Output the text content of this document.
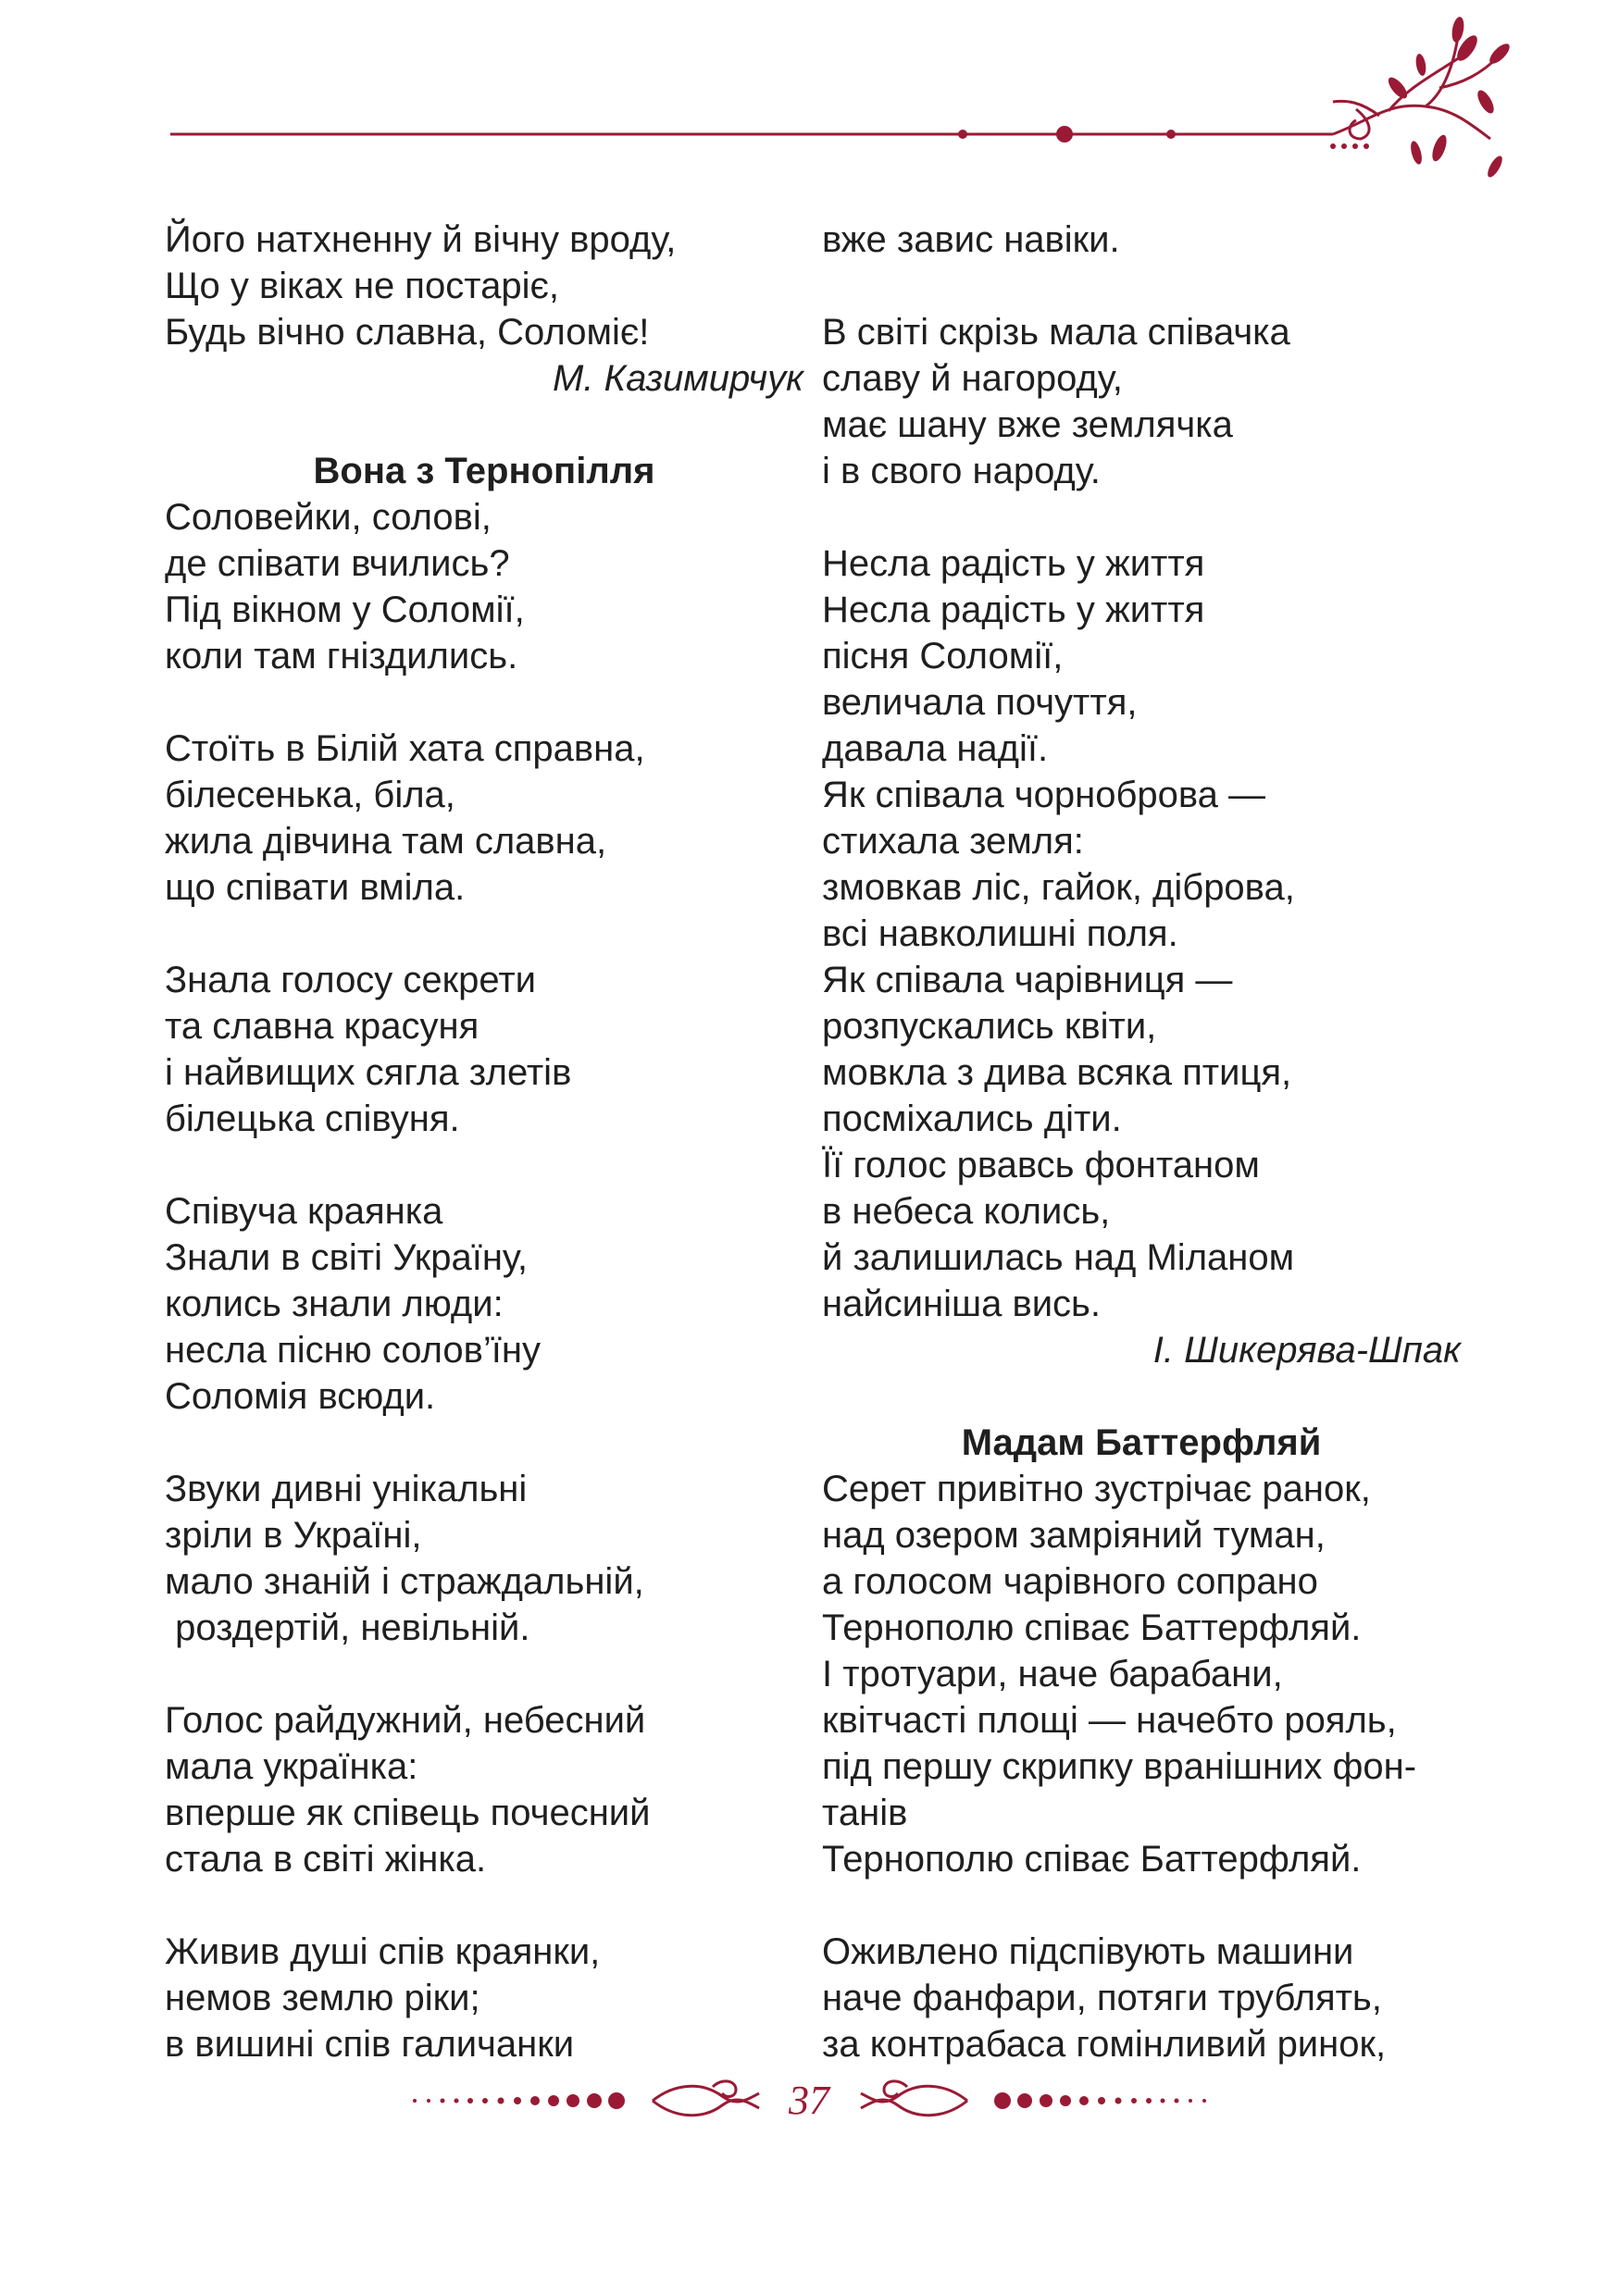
Його натхненну й вічну вроду,
Що у віках не постаріє,
Будь вічно славна, Соломіє!
М. Казимирчук
Вона з Тернопілля
Соловейки, солові,
де співати вчились?
Під вікном у Соломії,
коли там гніздились.
Стоїть в Білій хата справна,
білесенька, біла,
жила дівчина там славна,
що співати вміла.
Знала голосу секрети
та славна красуня
і найвищих сягла злетів
білецька співуня.
Співуча краянка
Знали в світі Україну,
колись знали люди:
несла пісню солов’їну
Соломія всюди.
Звуки дивні унікальні
зріли в Україні,
мало знаній і страждальній,
роздертій, невільній.
Голос райдужний, небесний
мала українка:
вперше як співець почесний
стала в світі жінка.
Живив душі спів краянки,
немов землю ріки;
в вишині спів галичанки
вже завис навіки.
В світі скрізь мала співачка
славу й нагороду,
має шану вже землячка
і в свого народу.
Несла радість у життя
Несла радість у життя
пісня Соломії,
величала почуття,
давала надії.
Як співала чорноброва —
стихала земля:
змовкав ліс, гайок, діброва,
всі навколишні поля.
Як співала чарівниця —
розпускались квіти,
мовкла з дива всяка птиця,
посміхались діти.
Її голос рвавсь фонтаном
в небеса колись,
й залишилась над Міланом
найсиніша вись.
І. Шикерява-Шпак
Мадам Баттерфляй
Серет привітно зустрічає ранок,
над озером замріяний туман,
а голосом чарівного сопрано
Тернополю співає Баттерфляй.
І тротуари, наче барабани,
квітчасті площі — начебто рояль,
під першу скрипку вранішних фон-
танів
Тернополю співає Баттерфляй.
Оживлено підспівують машини
наче фанфари, потяги трублять,
за контрабаса гомінливий ринок,
37
